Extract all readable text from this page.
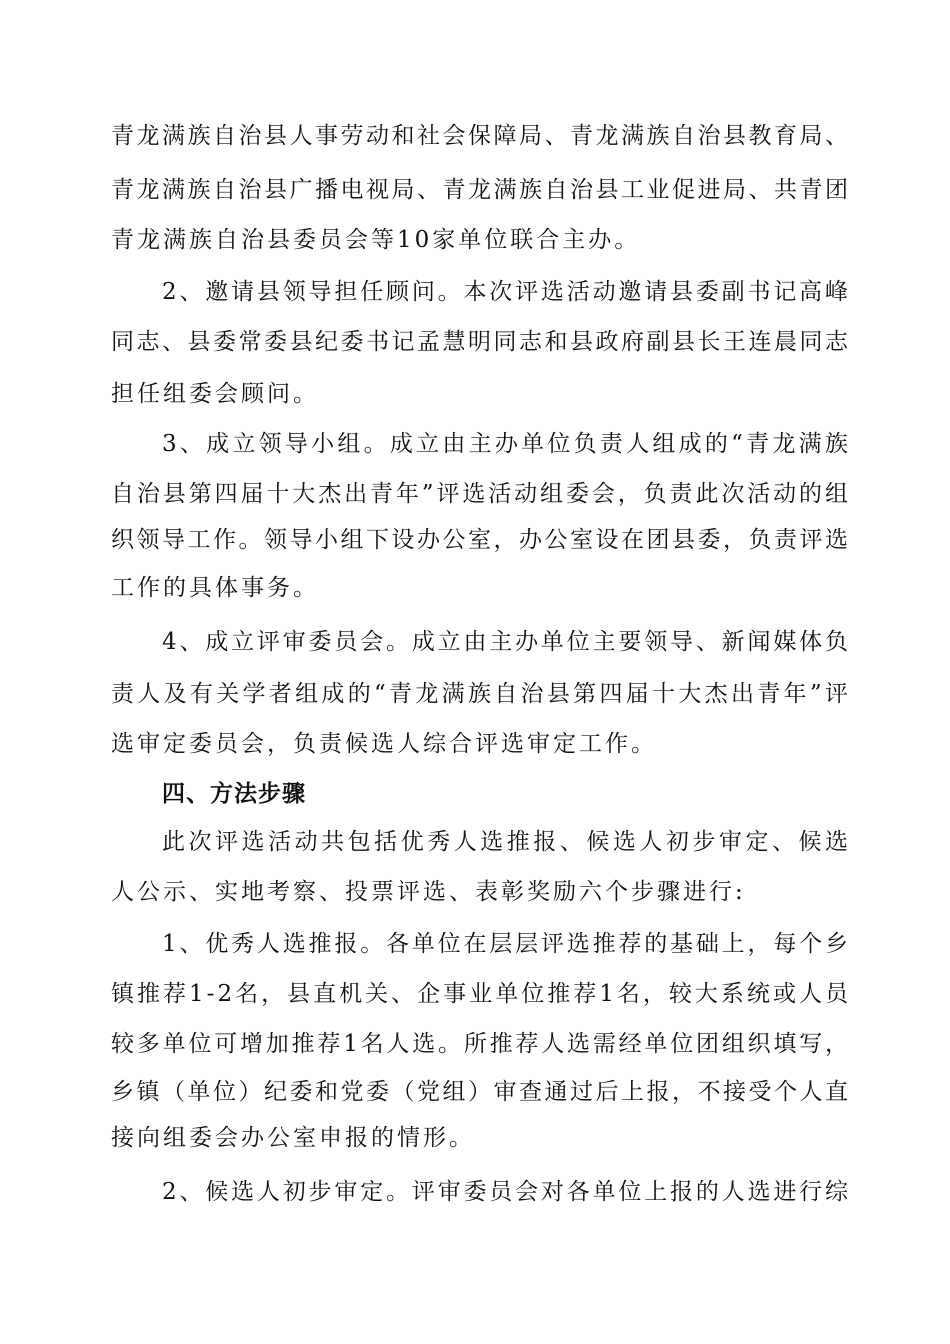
青龙满族自治县人事劳动和社会保障局、青龙满族自治县教育局、
青龙满族自治县广播电视局、青龙满族自治县工业促进局、共青团
青龙满族自治县委员会等10家单位联合主办。
2、邀请县领导担任顾问。本次评选活动邀请县委副书记高峰
同志、县委常委县纪委书记孟慧明同志和县政府副县长王连晨同志
担任组委会顾问。
3、成立领导小组。成立由主办单位负责人组成的“青龙满族
自治县第四届十大杰出青年”评选活动组委会，负责此次活动的组
织领导工作。领导小组下设办公室，办公室设在团县委，负责评选
工作的具体事务。
4、成立评审委员会。成立由主办单位主要领导、新闻媒体负
责人及有关学者组成的“青龙满族自治县第四届十大杰出青年”评
选审定委员会，负责候选人综合评选审定工作。
四、方法步骤
此次评选活动共包括优秀人选推报、候选人初步审定、候选
人公示、实地考察、投票评选、表彰奖励六个步骤进行:
1、优秀人选推报。各单位在层层评选推荐的基础上，每个乡
镇推荐1-2名，县直机关、企事业单位推荐1名，较大系统或人员
较多单位可增加推荐1名人选。所推荐人选需经单位团组织填写，
乡镇（单位）纪委和党委（党组）审查通过后上报，不接受个人直
接向组委会办公室申报的情形。
2、候选人初步审定。评审委员会对各单位上报的人选进行综
